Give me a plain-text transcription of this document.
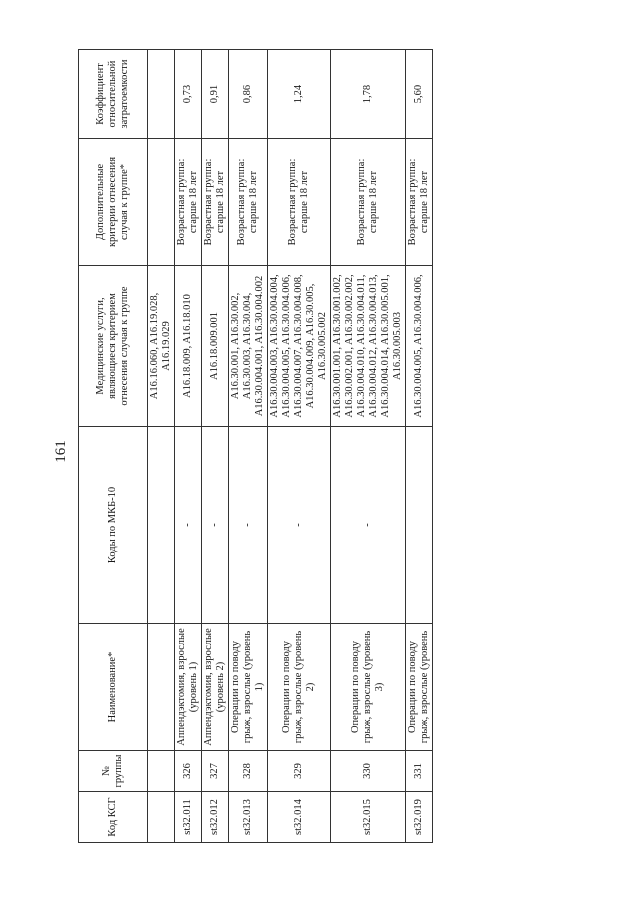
161
Код КСГ	№ группы	Наименование*	Коды по МКБ-10	Медицинские услуги, являющиеся критерием отнесения случая к группе	Дополнительные критерии отнесения случая к группе*	Коэффициент относительной затратоемкости
				A16.16.060, A16.19.028, A16.19.029		
st32.011	326	Аппендэктомия, взрослые (уровень 1)	-	A16.18.009, A16.18.010	Возрастная группа: старше 18 лет	0,73
st32.012	327	Аппендэктомия, взрослые (уровень 2)	-	A16.18.009.001	Возрастная группа: старше 18 лет	0,91
st32.013	328	Операции по поводу грыж, взрослые (уровень 1)	-	A16.30.001, A16.30.002, A16.30.003, A16.30.004, A16.30.004.001, A16.30.004.002	Возрастная группа: старше 18 лет	0,86
st32.014	329	Операции по поводу грыж, взрослые (уровень 2)	-	A16.30.004.003, A16.30.004.004, A16.30.004.005, A16.30.004.006, A16.30.004.007, A16.30.004.008, A16.30.004.009, A16.30.005, A16.30.005.002	Возрастная группа: старше 18 лет	1,24
st32.015	330	Операции по поводу грыж, взрослые (уровень 3)	-	A16.30.001.001, A16.30.001.002, A16.30.002.001, A16.30.002.002, A16.30.004.010, A16.30.004.011, A16.30.004.012, A16.30.004.013, A16.30.004.014, A16.30.005.001, A16.30.005.003	Возрастная группа: старше 18 лет	1,78
st32.019	331	Операции по поводу грыж, взрослые (уровень		A16.30.004.005, A16.30.004.006,	Возрастная группа: старше 18 лет	5,60
